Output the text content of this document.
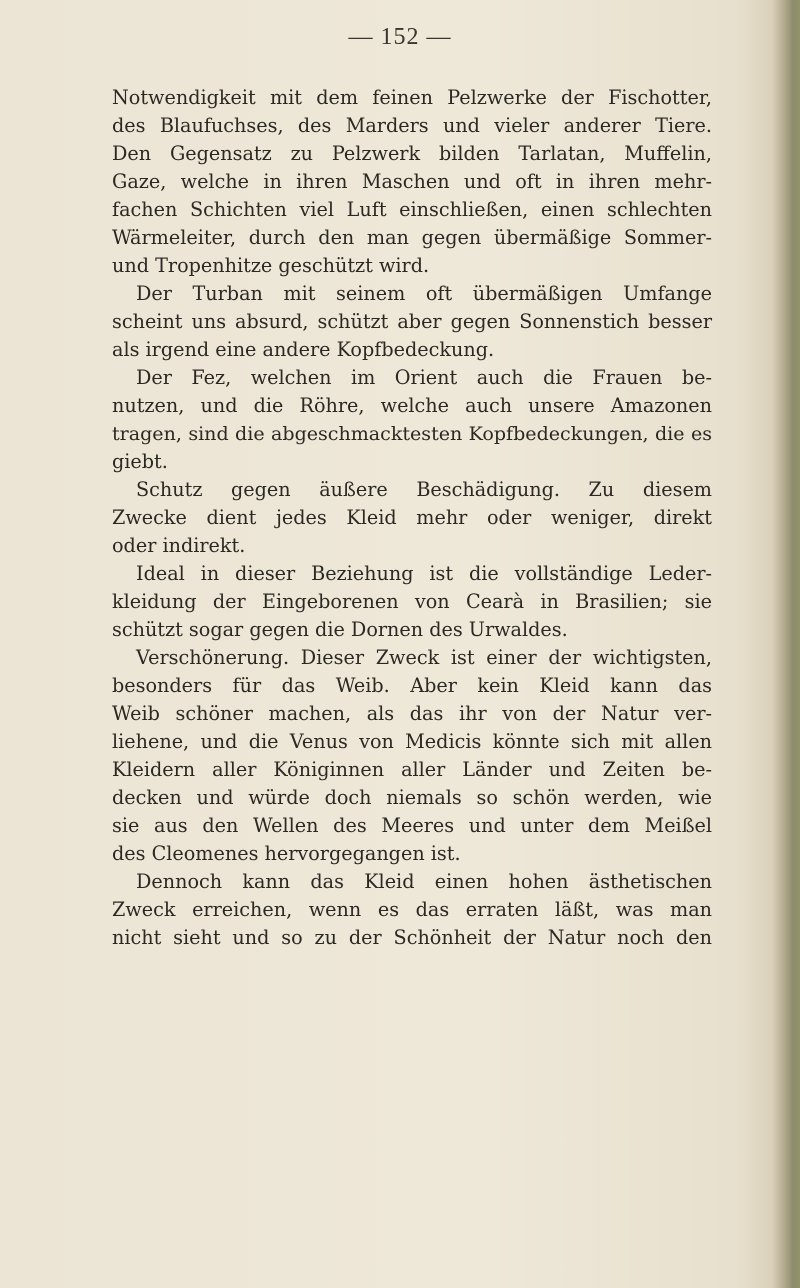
— 152 —
Notwendigkeit mit dem feinen Pelzwerke der Fischotter,
des Blaufuchses, des Marders und vieler anderer Tiere.
Den Gegensatz zu Pelzwerk bilden Tarlatan, Muffelin,
Gaze, welche in ihren Maschen und oft in ihren mehr-
fachen Schichten viel Luft einschließen, einen schlechten
Wärmeleiter, durch den man gegen übermäßige Sommer-
und Tropenhitze geschützt wird.
Der Turban mit seinem oft übermäßigen Umfange
scheint uns absurd, schützt aber gegen Sonnenstich besser
als irgend eine andere Kopfbedeckung.
Der Fez, welchen im Orient auch die Frauen be-
nutzen, und die Röhre, welche auch unsere Amazonen
tragen, sind die abgeschmacktesten Kopfbedeckungen, die es
giebt.
Schutz gegen äußere Beschädigung. Zu diesem
Zwecke dient jedes Kleid mehr oder weniger, direkt
oder indirekt.
Ideal in dieser Beziehung ist die vollständige Leder-
kleidung der Eingeborenen von Cearà in Brasilien; sie
schützt sogar gegen die Dornen des Urwaldes.
Verschönerung. Dieser Zweck ist einer der wichtigsten,
besonders für das Weib. Aber kein Kleid kann das
Weib schöner machen, als das ihr von der Natur ver-
liehene, und die Venus von Medicis könnte sich mit allen
Kleidern aller Königinnen aller Länder und Zeiten be-
decken und würde doch niemals so schön werden, wie
sie aus den Wellen des Meeres und unter dem Meißel
des Cleomenes hervorgegangen ist.
Dennoch kann das Kleid einen hohen ästhetischen
Zweck erreichen, wenn es das erraten läßt, was man
nicht sieht und so zu der Schönheit der Natur noch den
